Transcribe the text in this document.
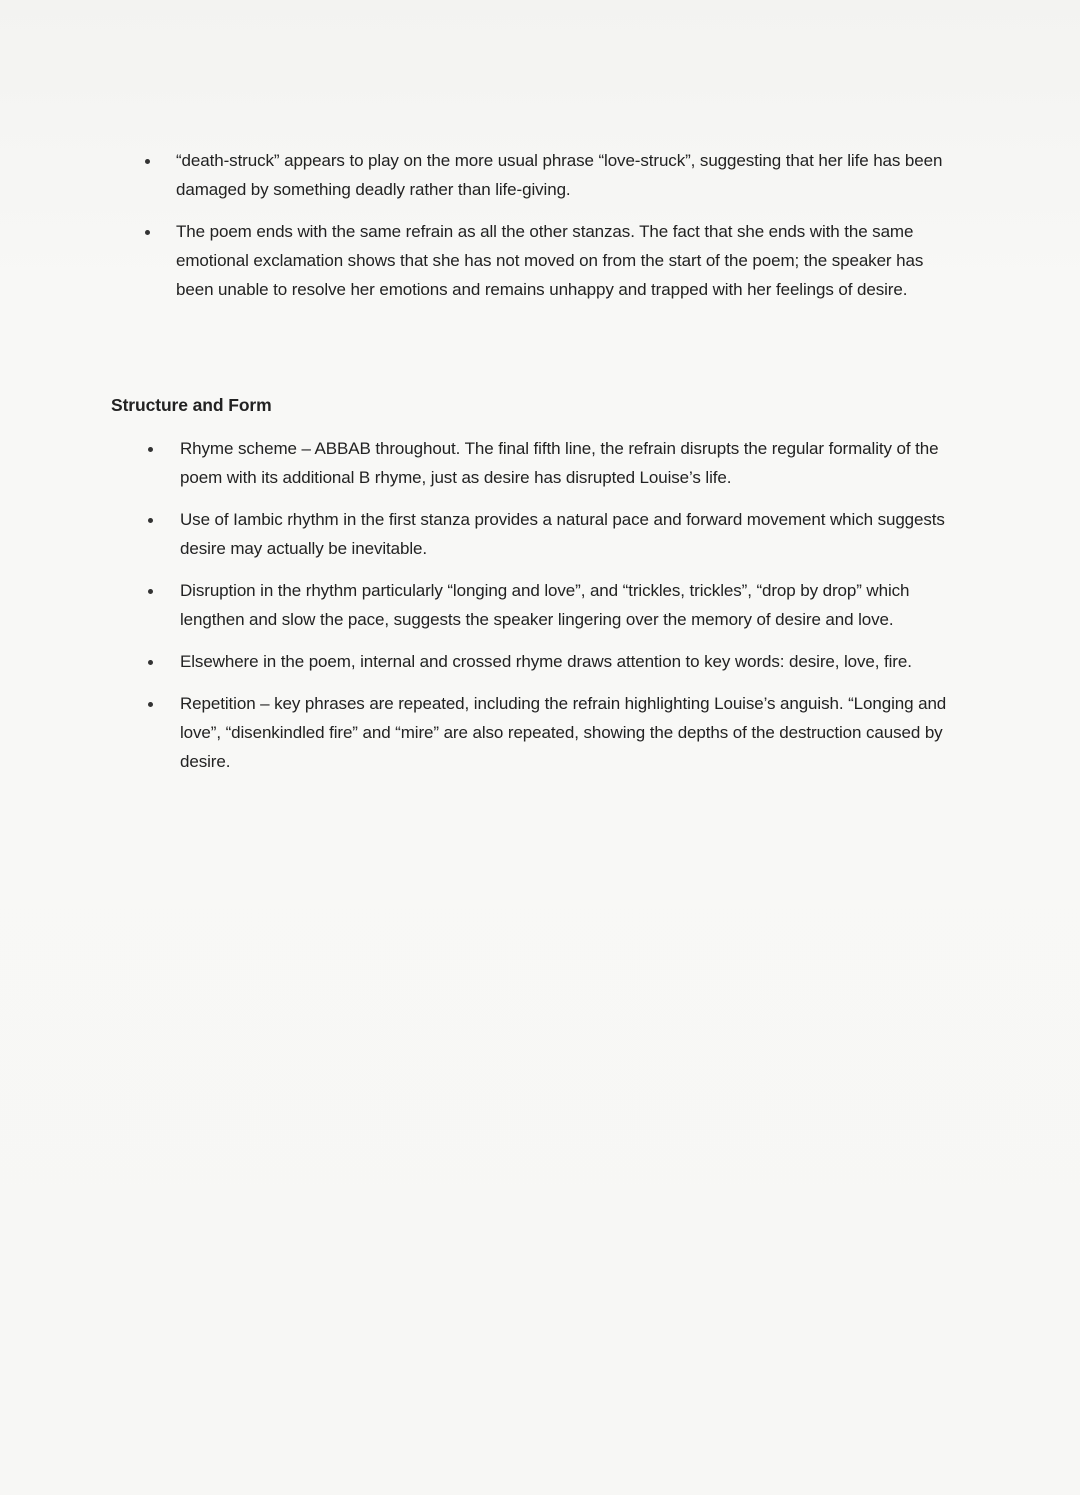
“death-struck” appears to play on the more usual phrase “love-struck”, suggesting that her life has been damaged by something deadly rather than life-giving.
The poem ends with the same refrain as all the other stanzas. The fact that she ends with the same emotional exclamation shows that she has not moved on from the start of the poem; the speaker has been unable to resolve her emotions and remains unhappy and trapped with her feelings of desire.
Structure and Form
Rhyme scheme – ABBAB throughout. The final fifth line, the refrain disrupts the regular formality of the poem with its additional B rhyme, just as desire has disrupted Louise’s life.
Use of Iambic rhythm in the first stanza provides a natural pace and forward movement which suggests desire may actually be inevitable.
Disruption in the rhythm particularly “longing and love”, and “trickles, trickles”, “drop by drop” which lengthen and slow the pace, suggests the speaker lingering over the memory of desire and love.
Elsewhere in the poem, internal and crossed rhyme draws attention to key words: desire, love, fire.
Repetition – key phrases are repeated, including the refrain highlighting Louise’s anguish. “Longing and love”, “disenkindled fire” and “mire” are also repeated, showing the depths of the destruction caused by desire.
